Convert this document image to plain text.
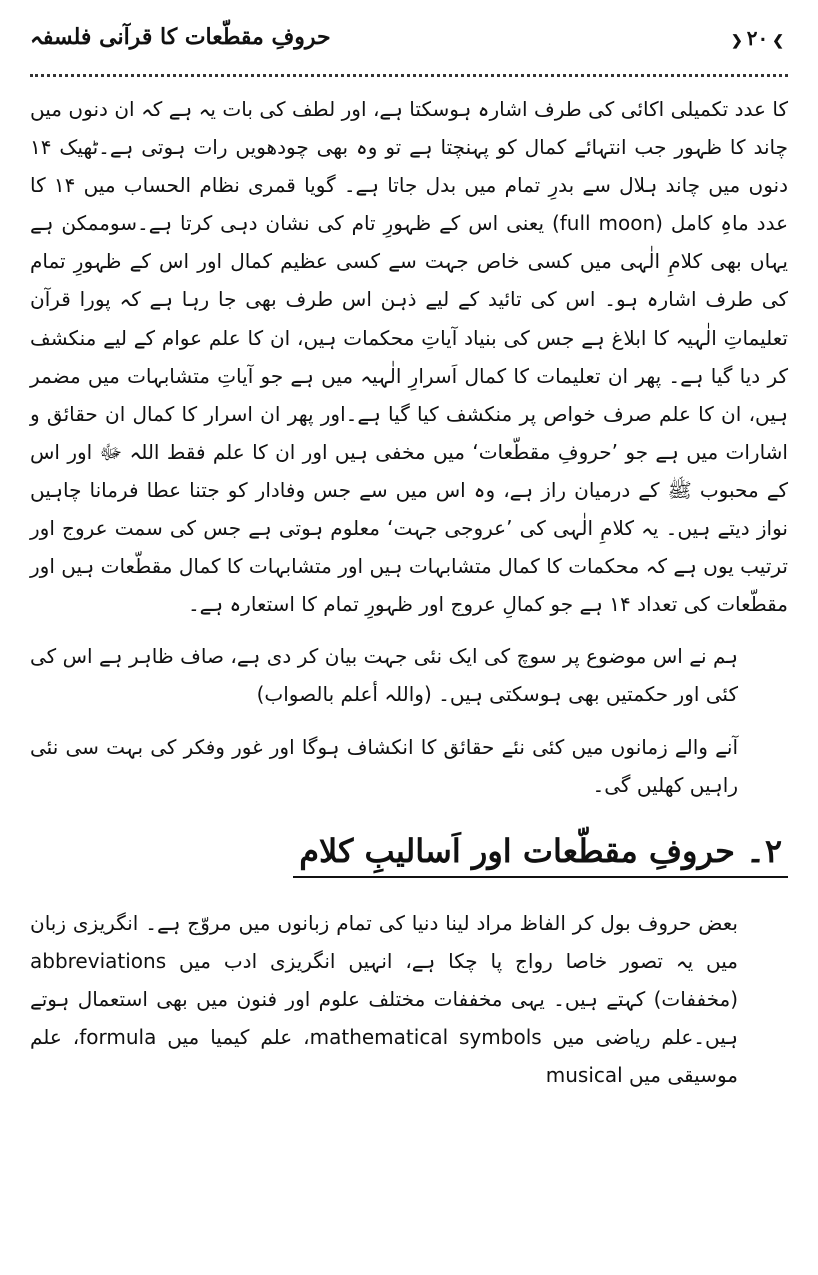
❯۲۰❮
حروفِ مقطّعات کا قرآنی فلسفہ

کا عدد تکمیلی اکائی کی طرف اشارہ ہوسکتا ہے، اور لطف کی بات یہ ہے کہ ان دنوں میں چاند کا ظہور جب انتہائے کمال کو پہنچتا ہے تو وہ بھی چودھویں رات ہوتی ہے۔ٹھیک ۱۴ دنوں میں چاند ہلال سے بدرِ تمام میں بدل جاتا ہے۔ گویا قمری نظام الحساب میں ۱۴ کا عدد ماہِ کامل (full moon) یعنی اس کے ظہورِ تام کی نشان دہی کرتا ہے۔سوممکن ہے یہاں بھی کلامِ الٰہی میں کسی خاص جہت سے کسی عظیم کمال اور اس کے ظہورِ تمام کی طرف اشارہ ہو۔ اس کی تائید کے لیے ذہن اس طرف بھی جا رہا ہے کہ پورا قرآن تعلیماتِ الٰہیہ کا ابلاغ ہے جس کی بنیاد آیاتِ محکمات ہیں، ان کا علم عوام کے لیے منکشف کر دیا گیا ہے۔ پھر ان تعلیمات کا کمال اَسرارِ الٰہیہ میں ہے جو آیاتِ متشابہات میں مضمر ہیں، ان کا علم صرف خواص پر منکشف کیا گیا ہے۔اور پھر ان اسرار کا کمال ان حقائق و اشارات میں ہے جو ’حروفِ مقطّعات‘ میں مخفی ہیں اور ان کا علم فقط اللہ ﷻ اور اس کے محبوب ﷺ کے درمیان راز ہے، وہ اس میں سے جس وفادار کو جتنا عطا فرمانا چاہیں نواز دیتے ہیں۔ یہ کلامِ الٰہی کی ’عروجی جہت‘ معلوم ہوتی ہے جس کی سمت عروج اور ترتیب یوں ہے کہ محکمات کا کمال متشابہات ہیں اور متشابہات کا کمال مقطّعات ہیں اور مقطّعات کی تعداد ۱۴ ہے جو کمالِ عروج اور ظہورِ تمام کا استعارہ ہے۔

ہم نے اس موضوع پر سوچ کی ایک نئی جہت بیان کر دی ہے، صاف ظاہر ہے اس کی کئی اور حکمتیں بھی ہوسکتی ہیں۔ (واللہ أعلم بالصواب)

آنے والے زمانوں میں کئی نئے حقائق کا انکشاف ہوگا اور غور وفکر کی بہت سی نئی راہیں کھلیں گی۔

۲۔ حروفِ مقطّعات اور اَسالیبِ کلام

بعض حروف بول کر الفاظ مراد لینا دنیا کی تمام زبانوں میں مروّج ہے۔ انگریزی زبان میں یہ تصور خاصا رواج پا چکا ہے، انہیں انگریزی ادب میں abbreviations (مخففات) کہتے ہیں۔ یہی مخففات مختلف علوم اور فنون میں بھی استعمال ہوتے ہیں۔علم ریاضی میں mathematical symbols، علم کیمیا میں formula، علم موسیقی میں musical
